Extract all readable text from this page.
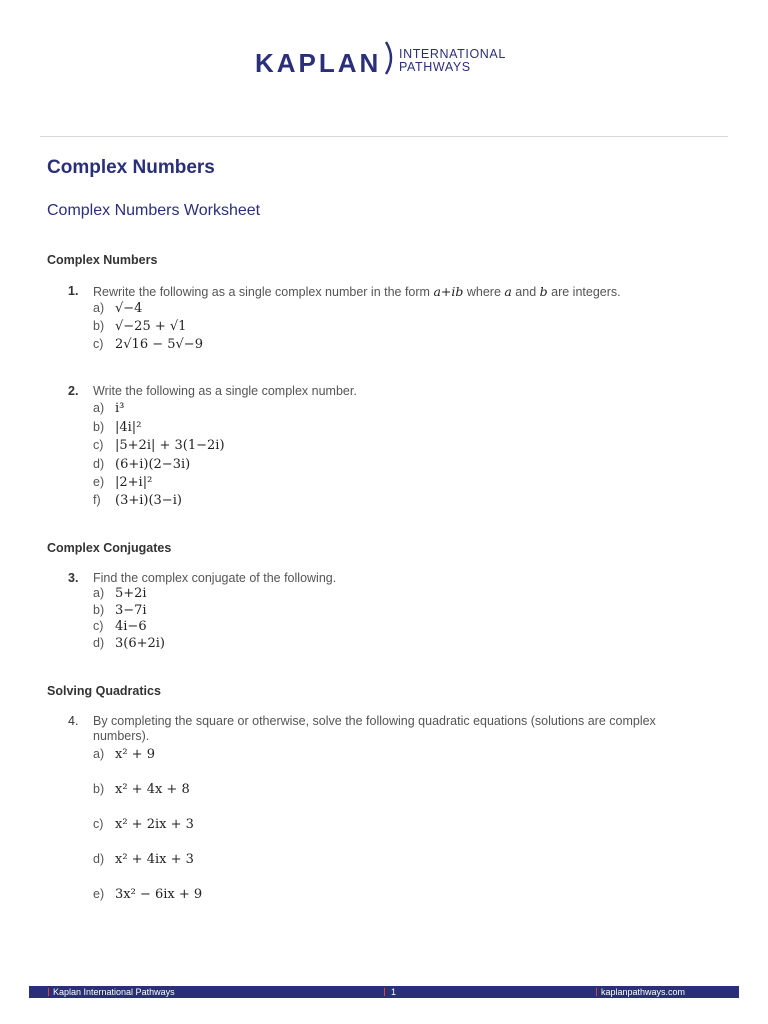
KAPLAN INTERNATIONAL
PATHWAYS
Complex Numbers
Complex Numbers Worksheet
Complex Numbers
1. Rewrite the following as a single complex number in the form a+ib where a and b are integers.
a) √−4
b) √−25 + √1
c) 2√16 − 5√−9
2. Write the following as a single complex number.
a) i³
b) |4i|²
c) |5+2i| + 3(1−2i)
d) (6+i)(2−3i)
e) |2+i|²
f) (3+i)(3−i)
Complex Conjugates
3. Find the complex conjugate of the following.
a) 5+2i
b) 3−7i
c) 4i−6
d) 3(6+2i)
Solving Quadratics
4. By completing the square or otherwise, solve the following quadratic equations (solutions are complex numbers).
a) x² + 9
b) x² + 4x + 8
c) x² + 2ix + 3
d) x² + 4ix + 3
e) 3x² − 6ix + 9
Kaplan International Pathways	1	kaplanpathways.com
